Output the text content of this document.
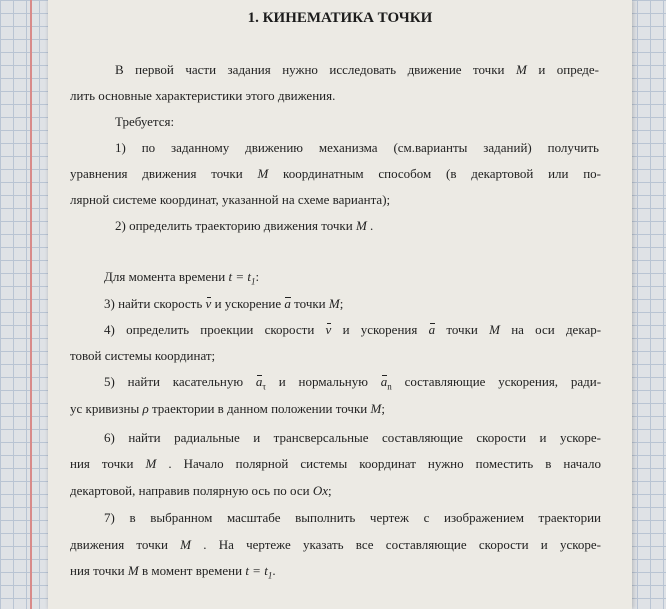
1. КИНЕМАТИКА ТОЧКИ
В первой части задания нужно исследовать движение точки M и опреде-
лить основные характеристики этого движения.
Требуется:
1) по заданному движению механизма (см.варианты заданий) получить
уравнения движения точки M координатным способом (в декартовой или по-
лярной системе координат, указанной на схеме варианта);
2) определить траекторию движения точки M .
Для момента времени $t = t_1$:
3) найти скорость v и ускорение a точки M;
4) определить проекции скорости v и ускорения a точки M на оси декар-
товой системы координат;
5) найти касательную $a_\tau$ и нормальную $a_n$ составляющие ускорения, ради-
ус кривизны ρ траектории в данном положении точки M;
6) найти радиальные и трансверсальные составляющие скорости и ускоре-
ния точки M . Начало полярной системы координат нужно поместить в начало
декартовой, направив полярную ось по оси Ox;
7) в выбранном масштабе выполнить чертеж с изображением траектории
движения точки M . На чертеже указать все составляющие скорости и ускоре-
ния точки M в момент времени $t = t_1$.
